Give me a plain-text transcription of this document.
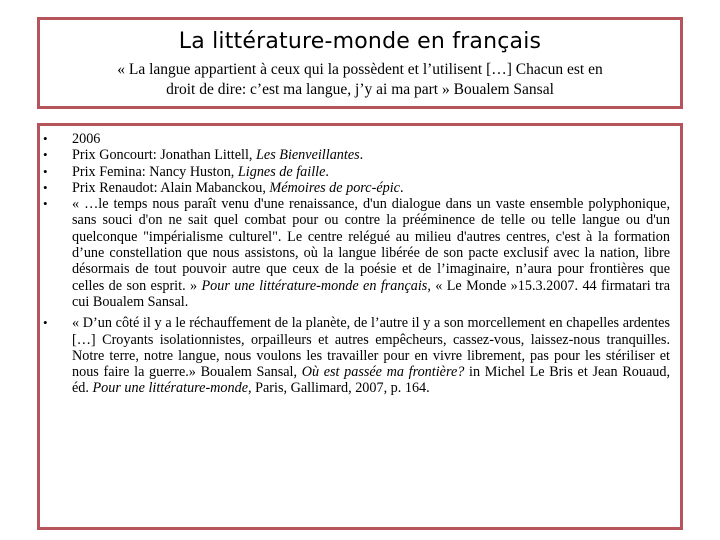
La littérature-monde en français
« La langue appartient à ceux qui la possèdent et l’utilisent […] Chacun est en
droit de dire: c’est ma langue, j’y ai ma part » Boualem Sansal
• 2006
• Prix Goncourt: Jonathan Littell, Les Bienveillantes.
• Prix Femina: Nancy Huston, Lignes de faille.
• Prix Renaudot: Alain Mabanckou, Mémoires de porc-épic.
• « …le temps nous paraît venu d'une renaissance, d'un dialogue dans un vaste ensemble polyphonique, sans souci d'on ne sait quel combat pour ou contre la prééminence de telle ou telle langue ou d'un quelconque "impérialisme culturel". Le centre relégué au milieu d'autres centres, c'est à la formation d’une constellation que nous assistons, où la langue libérée de son pacte exclusif avec la nation, libre désormais de tout pouvoir autre que ceux de la poésie et de l’imaginaire, n’aura pour frontières que celles de son esprit. » Pour une littérature-monde en français, « Le Monde »15.3.2007. 44 firmatari tra cui Boualem Sansal.
• « D’un côté il y a le réchauffement de la planète, de l’autre il y a son morcellement en chapelles ardentes […] Croyants isolationnistes, orpailleurs et autres empêcheurs, cassez-vous, laissez-nous tranquilles. Notre terre, notre langue, nous voulons les travailler pour en vivre librement, pas pour les stériliser et nous faire la guerre.» Boualem Sansal, Où est passée ma frontière? in Michel Le Bris et Jean Rouaud, éd. Pour une littérature-monde, Paris, Gallimard, 2007, p. 164.
